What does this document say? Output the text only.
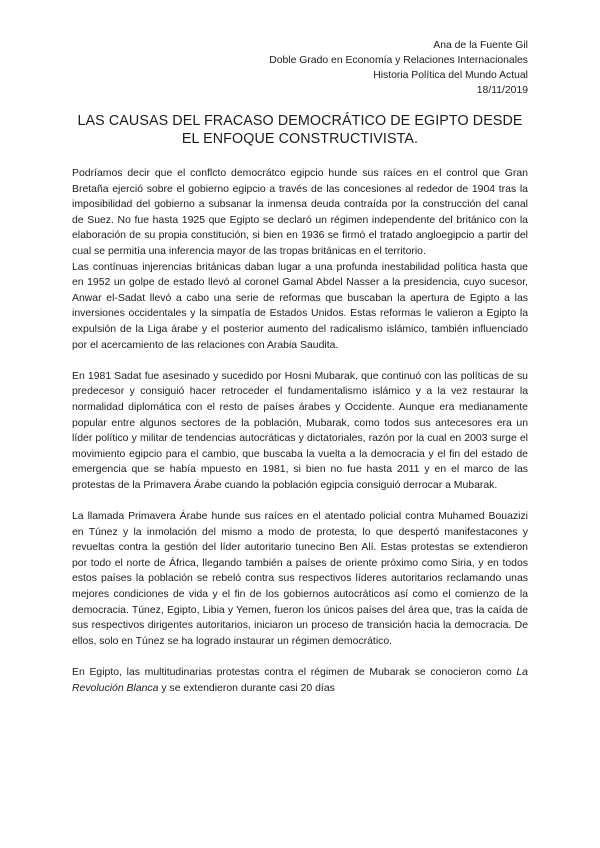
Ana de la Fuente Gil
Doble Grado en Economía y Relaciones Internacionales
Historia Política del Mundo Actual
18/11/2019
LAS CAUSAS DEL FRACASO DEMOCRÁTICO DE EGIPTO DESDE
EL ENFOQUE CONSTRUCTIVISTA.

Podríamos decir que el conflcto democrátco egipcio hunde sus raíces en el control que Gran Bretaña ejerció sobre el gobierno egipcio a través de las concesiones al rededor de 1904 tras la imposibilidad del gobierno a subsanar la inmensa deuda contraída por la construcción del canal de Suez. No fue hasta 1925 que Egipto se declaró un régimen independente del británico con la elaboración de su propia constitución, si bien en 1936 se firmó el tratado angloegipcio a partir del cual se permitía una inferencia mayor de las tropas británicas en el territorio.

Las contínuas injerencias británicas daban lugar a una profunda inestabilidad política hasta que en 1952 un golpe de estado llevó al coronel Gamal Abdel Nasser a la presidencia, cuyo sucesor, Anwar el-Sadat llevó a cabo una serie de reformas que buscaban la apertura de Egipto a las inversiones occidentales y la simpatía de Estados Unidos. Estas reformas le valieron a Egipto la expulsión de la Liga árabe y el posterior aumento del radicalismo islámico, también influenciado por el acercamiento de las relaciones con Arabia Saudita.

En 1981 Sadat fue asesinado y sucedido por Hosni Mubarak, que continuó con las políticas de su predecesor y consiguió hacer retroceder el fundamentalismo islámico y a la vez restaurar la normalidad diplomática con el resto de países árabes y Occidente. Aunque era medianamente popular entre algunos sectores de la población, Mubarak, como todos sus antecesores era un líder político y militar de tendencias autocráticas y dictatoriales, razón por la cual en 2003 surge el movimiento egipcio para el cambio, que buscaba la vuelta a la democracia y el fin del estado de emergencia que se había mpuesto en 1981, si bien no fue hasta 2011 y en el marco de las protestas de la Primavera Árabe cuando la población egipcia consiguió derrocar a Mubarak.

La llamada Primavera Árabe hunde sus raíces en el atentado policial contra Muhamed Bouazizi en Túnez y la inmolación del mismo a modo de protesta, lo que despertó manifestacones y revueltas contra la gestión del líder autoritario tunecino Ben Alí. Estas protestas se extendieron por todo el norte de África, llegando también a países de oriente próximo como Siria, y en todos estos países la población se rebeló contra sus respectivos líderes autoritarios reclamando unas mejores condiciones de vida y el fin de los gobiernos autocráticos así como el comienzo de la democracia. Túnez, Egipto, Libia y Yemen, fueron los únicos países del área que, tras la caída de sus respectivos dirigentes autoritarios, iniciaron un proceso de transición hacia la democracia. De ellos, solo en Túnez se ha logrado instaurar un régimen democrático.

En Egipto, las multitudinarias protestas contra el régimen de Mubarak se conocieron como La Revolución Blanca y se extendieron durante casi 20 días
